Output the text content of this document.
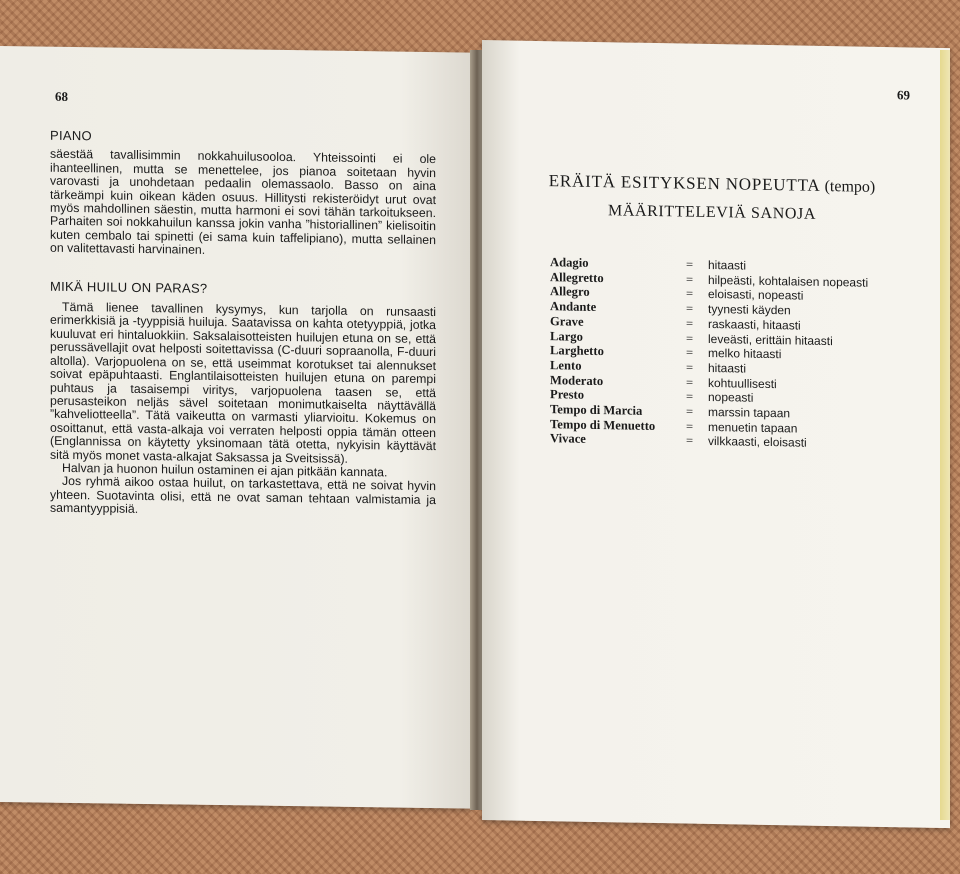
68
PIANO

säestää tavallisimmin nokkahuilusooloa. Yhteissointi ei ole ihanteellinen, mutta se menettelee, jos pianoa soitetaan hyvin varovasti ja unohdetaan pedaalin olemassaolo. Basso on aina tärkeämpi kuin oikean käden osuus. Hillitysti rekisteröidyt urut ovat myös mahdollinen säestin, mutta harmoni ei sovi tähän tarkoitukseen. Parhaiten soi nokkahuilun kanssa jokin vanha ”historiallinen” kielisoitin kuten cembalo tai spinetti (ei sama kuin taffelipiano), mutta sellainen on valitettavasti harvinainen.

MIKÄ HUILU ON PARAS?

Tämä lienee tavallinen kysymys, kun tarjolla on runsaasti erimerkkisiä ja -tyyppisiä huiluja. Saatavissa on kahta otetyyppiä, jotka kuuluvat eri hintaluokkiin. Saksalaisotteisten huilujen etuna on se, että perussävellajit ovat helposti soitettavissa (C-duuri sopraanolla, F-duuri altolla). Varjopuolena on se, että useimmat korotukset tai alennukset soivat epäpuhtaasti. Englantilaisotteisten huilujen etuna on parempi puhtaus ja tasaisempi viritys, varjopuolena taasen se, että perusasteikon neljäs sävel soitetaan monimutkaiselta näyttävällä ”kahveliotteella”. Tätä vaikeutta on varmasti yliarvioitu. Kokemus on osoittanut, että vasta-alkaja voi verraten helposti oppia tämän otteen (Englannissa on käytetty yksinomaan tätä otetta, nykyisin käyttävät sitä myös monet vasta-alkajat Saksassa ja Sveitsissä).

Halvan ja huonon huilun ostaminen ei ajan pitkään kannata.

Jos ryhmä aikoo ostaa huilut, on tarkastettava, että ne soivat hyvin yhteen. Suotavinta olisi, että ne ovat saman tehtaan valmistamia ja samantyyppisiä.

69
ERÄITÄ ESITYKSEN NOPEUTTA (tempo)
MÄÄRITTELEVIÄ SANOJA
Adagio	=	hitaasti
Allegretto	=	hilpeästi, kohtalaisen nopeasti
Allegro	=	eloisasti, nopeasti
Andante	=	tyynesti käyden
Grave	=	raskaasti, hitaasti
Largo	=	leveästi, erittäin hitaasti
Larghetto	=	melko hitaasti
Lento	=	hitaasti
Moderato	=	kohtuullisesti
Presto	=	nopeasti
Tempo di Marcia	=	marssin tapaan
Tempo di Menuetto	=	menuetin tapaan
Vivace	=	vilkkaasti, eloisasti
